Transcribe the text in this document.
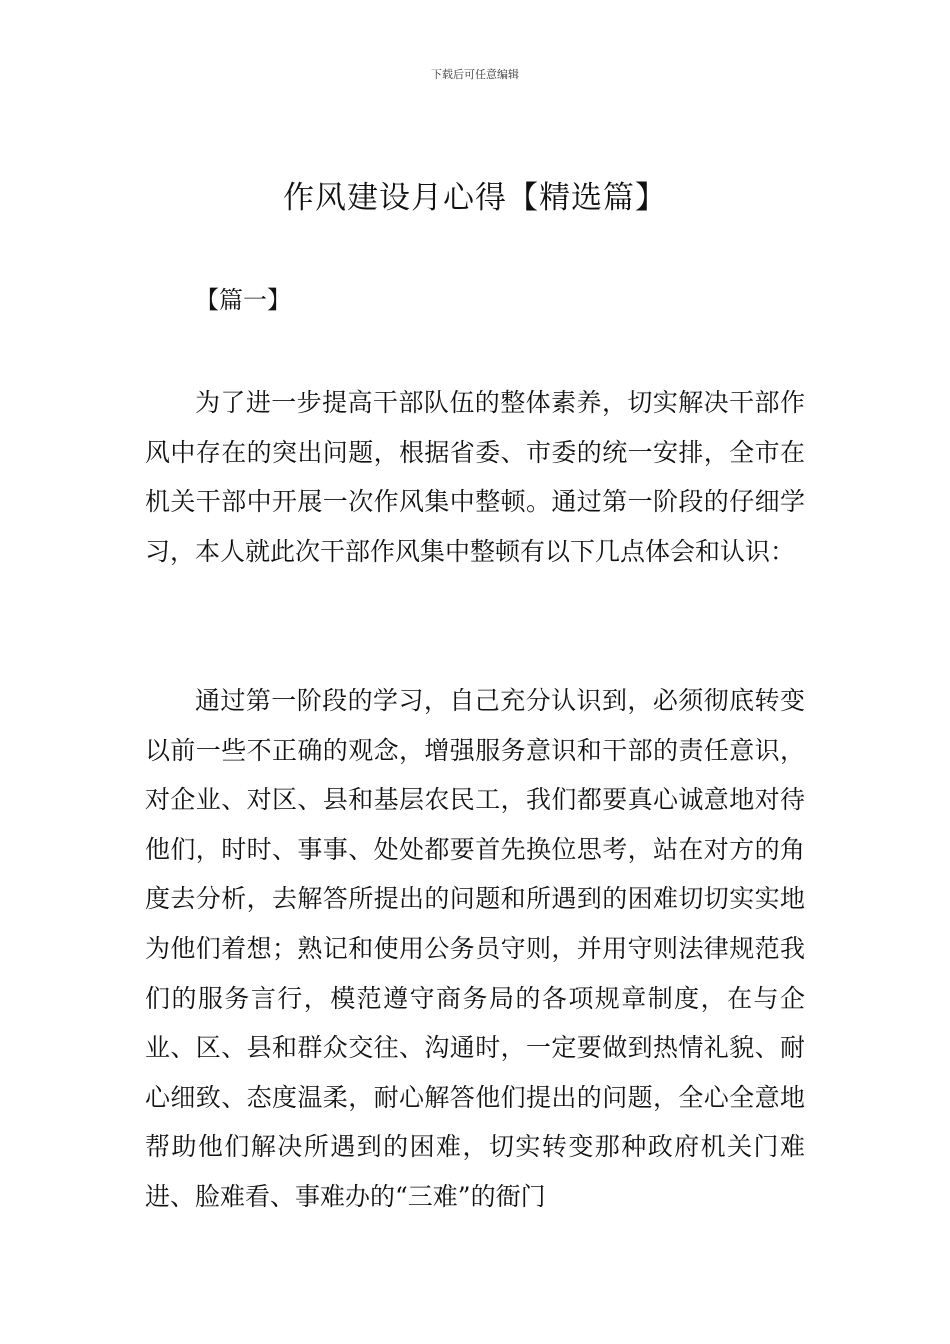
下载后可任意编辑
作风建设月心得【精选篇】
【篇一】

为了进一步提高干部队伍的整体素养，切实解决干部作风中存在的突出问题，根据省委、市委的统一安排，全市在机关干部中开展一次作风集中整顿。通过第一阶段的仔细学习，本人就此次干部作风集中整顿有以下几点体会和认识：

通过第一阶段的学习，自己充分认识到，必须彻底转变以前一些不正确的观念，增强服务意识和干部的责任意识，对企业、对区、县和基层农民工，我们都要真心诚意地对待他们，时时、事事、处处都要首先换位思考，站在对方的角度去分析，去解答所提出的问题和所遇到的困难切切实实地为他们着想；熟记和使用公务员守则，并用守则法律规范我们的服务言行，模范遵守商务局的各项规章制度，在与企业、区、县和群众交往、沟通时，一定要做到热情礼貌、耐心细致、态度温柔，耐心解答他们提出的问题，全心全意地帮助他们解决所遇到的困难，切实转变那种政府机关门难进、脸难看、事难办的“三难”的衙门
